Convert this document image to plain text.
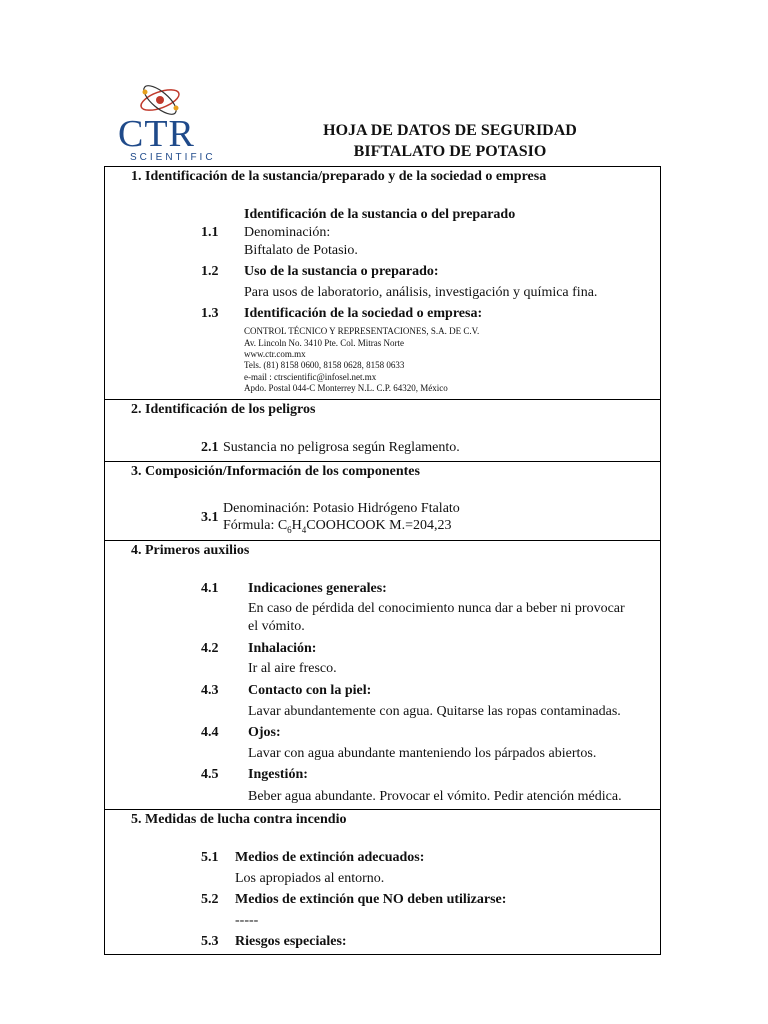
CTR
SCIENTIFIC
HOJA DE DATOS DE SEGURIDAD
BIFTALATO DE POTASIO
1. Identificación de la sustancia/preparado y de la sociedad o empresa
Identificación de la sustancia o del preparado
1.1 Denominación:
Biftalato de Potasio.
1.2 Uso de la sustancia o preparado:
Para usos de laboratorio, análisis, investigación y química fina.
1.3 Identificación de la sociedad o empresa:
CONTROL TÉCNICO Y REPRESENTACIONES, S.A. DE C.V.
Av. Lincoln No. 3410 Pte. Col. Mitras Norte
www.ctr.com.mx
Tels. (81) 8158 0600, 8158 0628, 8158 0633
e-mail : ctrscientific@infosel.net.mx
Apdo. Postal 044-C Monterrey N.L. C.P. 64320, México
2. Identificación de los peligros
2.1 Sustancia no peligrosa según Reglamento.
3. Composición/Información de los componentes
3.1
Denominación: Potasio Hidrógeno Ftalato
Fórmula: $C_6H_4COOHCOOK$ M.=204,23
4. Primeros auxilios
4.1 Indicaciones generales:
En caso de pérdida del conocimiento nunca dar a beber ni provocar
el vómito.
4.2 Inhalación:
Ir al aire fresco.
4.3 Contacto con la piel:
Lavar abundantemente con agua. Quitarse las ropas contaminadas.
4.4 Ojos:
Lavar con agua abundante manteniendo los párpados abiertos.
4.5 Ingestión:
Beber agua abundante. Provocar el vómito. Pedir atención médica.
5. Medidas de lucha contra incendio
5.1 Medios de extinción adecuados:
Los apropiados al entorno.
5.2 Medios de extinción que NO deben utilizarse:
-----
5.3 Riesgos especiales:
